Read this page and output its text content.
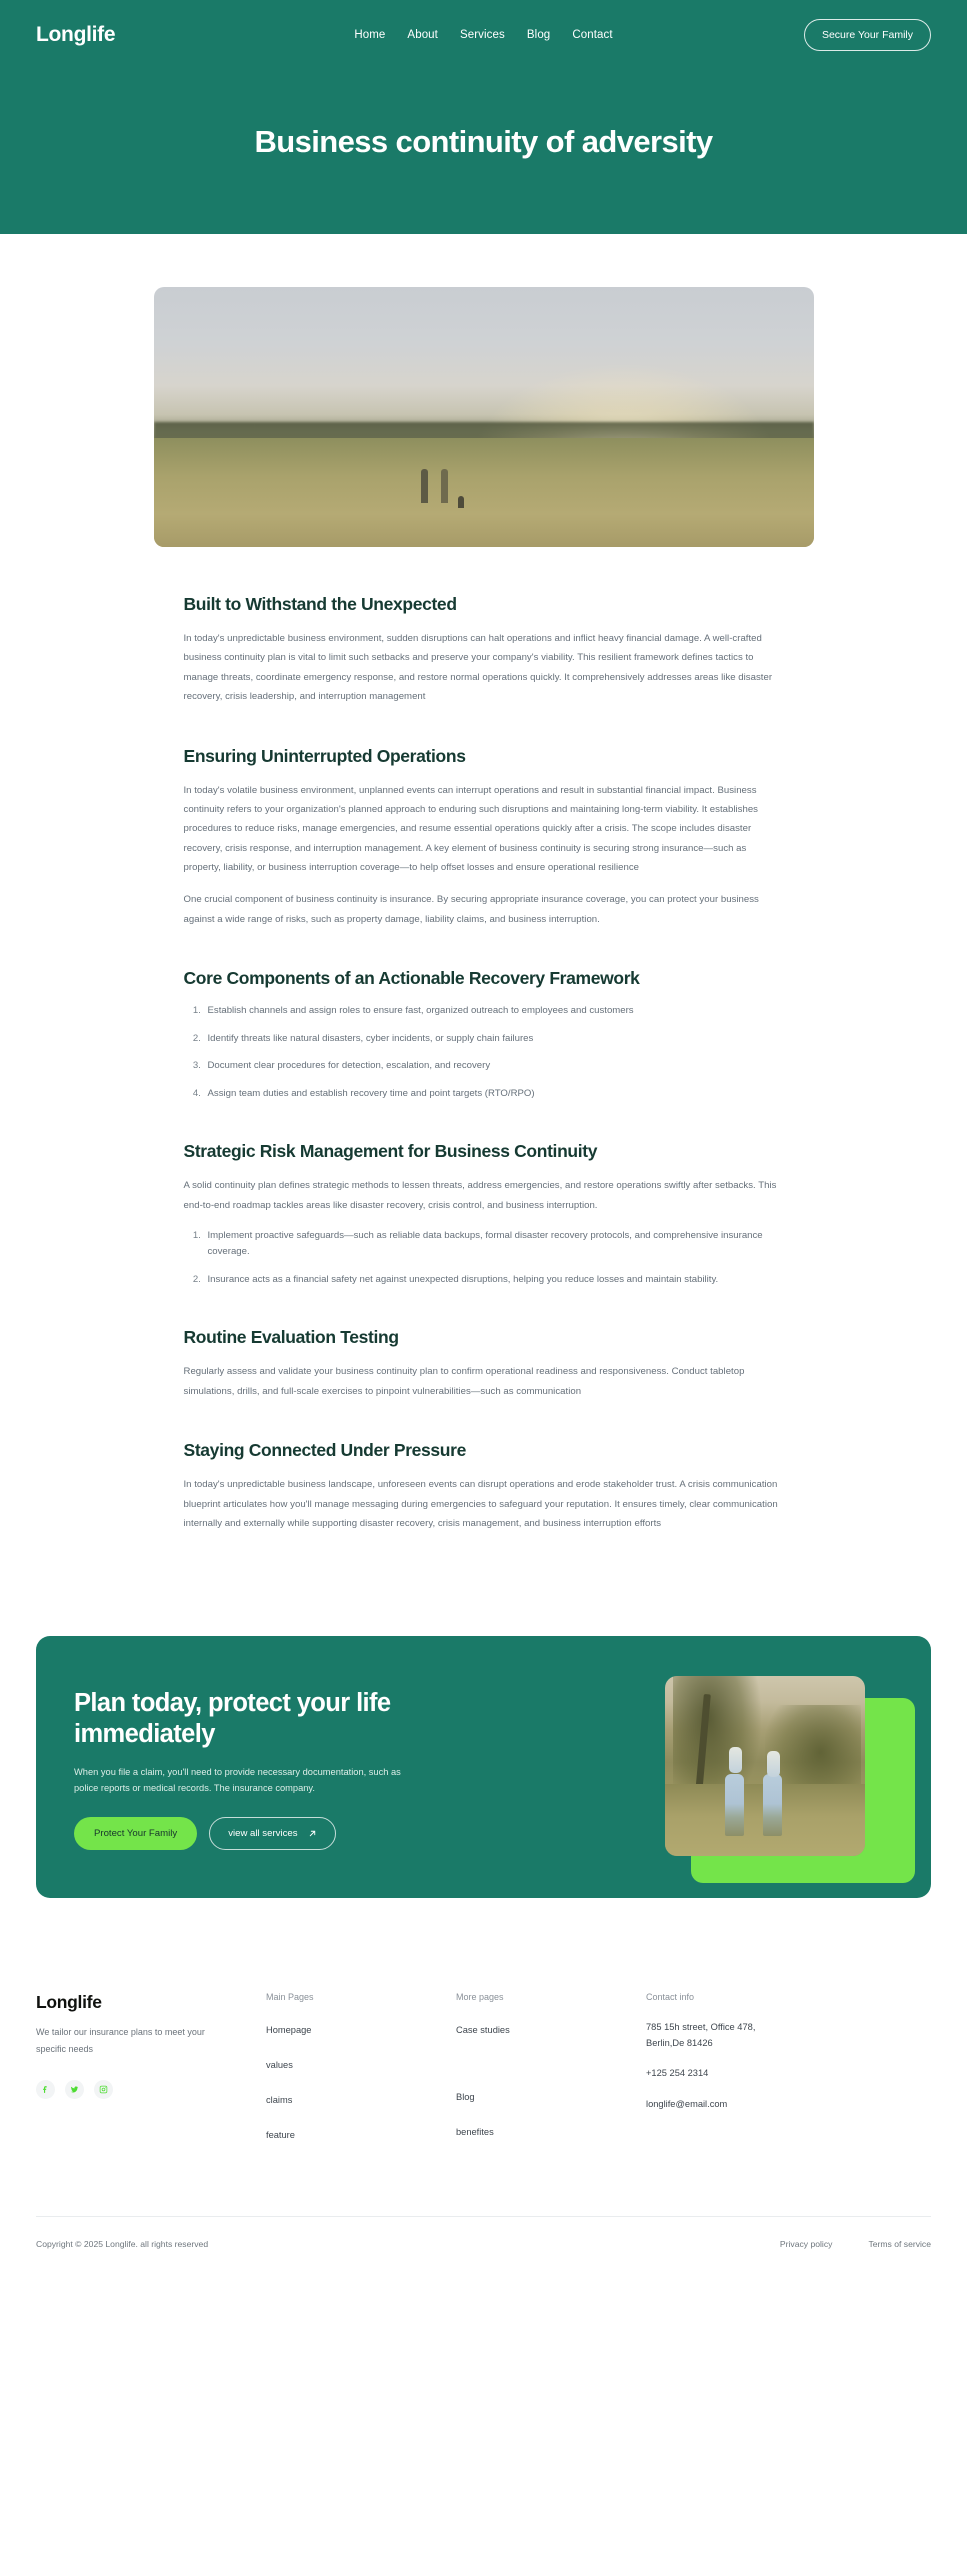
Longlife	Home About Services Blog Contact	Secure Your Family
Business continuity of adversity
Built to Withstand the Unexpected

In today's unpredictable business environment, sudden disruptions can halt operations and inflict heavy financial damage. A well-crafted business continuity plan is vital to limit such setbacks and preserve your company's viability. This resilient framework defines tactics to manage threats, coordinate emergency response, and restore normal operations quickly. It comprehensively addresses areas like disaster recovery, crisis leadership, and interruption management

Ensuring Uninterrupted Operations

In today's volatile business environment, unplanned events can interrupt operations and result in substantial financial impact. Business continuity refers to your organization's planned approach to enduring such disruptions and maintaining long-term viability. It establishes procedures to reduce risks, manage emergencies, and resume essential operations quickly after a crisis. The scope includes disaster recovery, crisis response, and interruption management. A key element of business continuity is securing strong insurance—such as property, liability, or business interruption coverage—to help offset losses and ensure operational resilience

One crucial component of business continuity is insurance. By securing appropriate insurance coverage, you can protect your business against a wide range of risks, such as property damage, liability claims, and business interruption.

Core Components of an Actionable Recovery Framework
1. Establish channels and assign roles to ensure fast, organized outreach to employees and customers
2. Identify threats like natural disasters, cyber incidents, or supply chain failures
3. Document clear procedures for detection, escalation, and recovery
4. Assign team duties and establish recovery time and point targets (RTO/RPO)
Strategic Risk Management for Business Continuity

A solid continuity plan defines strategic methods to lessen threats, address emergencies, and restore operations swiftly after setbacks. This end-to-end roadmap tackles areas like disaster recovery, crisis control, and business interruption.

1. Implement proactive safeguards—such as reliable data backups, formal disaster recovery protocols, and comprehensive insurance coverage.
2. Insurance acts as a financial safety net against unexpected disruptions, helping you reduce losses and maintain stability.
Routine Evaluation Testing

Regularly assess and validate your business continuity plan to confirm operational readiness and responsiveness. Conduct tabletop simulations, drills, and full-scale exercises to pinpoint vulnerabilities—such as communication

Staying Connected Under Pressure

In today's unpredictable business landscape, unforeseen events can disrupt operations and erode stakeholder trust. A crisis communication blueprint articulates how you'll manage messaging during emergencies to safeguard your reputation. It ensures timely, clear communication internally and externally while supporting disaster recovery, crisis management, and business interruption efforts

Plan today, protect your life immediately

When you file a claim, you'll need to provide necessary documentation, such as police reports or medical records. The insurance company.

Protect Your Family	view all services
Longlife
We tailor our insurance plans to meet your specific needs
Main Pages
Homepage
values
claims
feature
More pages
Case studies
Blog
benefites
Contact info
785 15h street, Office 478,
Berlin,De 81426
+125 254 2314
longlife@email.com
Copyright © 2025 Longlife. all rights reserved	Privacy policy	Terms of service
